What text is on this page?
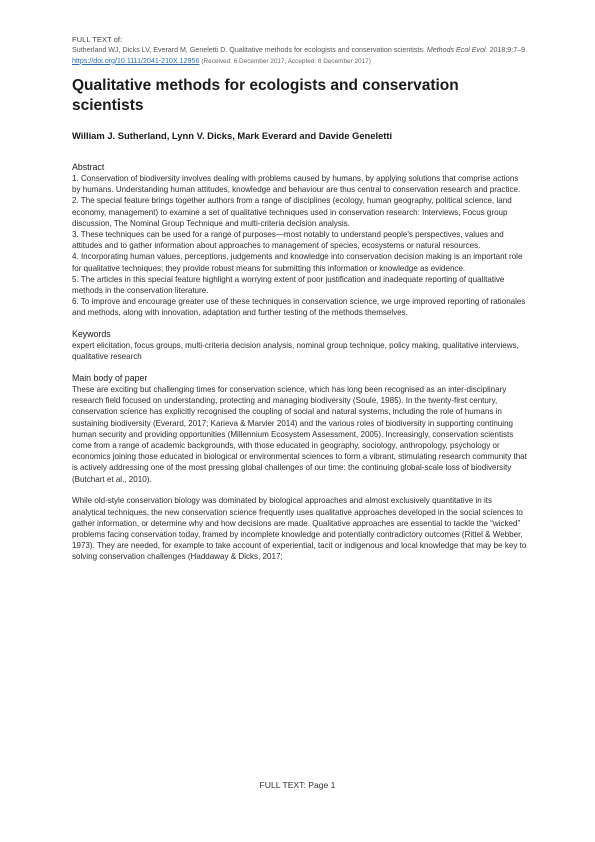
FULL TEXT of:
Sutherland WJ, Dicks LV, Everard M, Geneletti D. Qualitative methods for ecologists and conservation scientists. Methods Ecol Evol. 2018;9:7–9. https://doi.org/10.1111/2041-210X.12956 (Received: 6 December 2017, Accepted: 8 December 2017)
Qualitative methods for ecologists and conservation scientists
William J. Sutherland, Lynn V. Dicks, Mark Everard and Davide Geneletti
Abstract

1. Conservation of biodiversity involves dealing with problems caused by humans, by applying solutions that comprise actions by humans. Understanding human attitudes, knowledge and behaviour are thus central to conservation research and practice.

2. The special feature brings together authors from a range of disciplines (ecology, human geography, political science, land economy, management) to examine a set of qualitative techniques used in conservation research: Interviews, Focus group discussion, The Nominal Group Technique and multi-criteria decision analysis.

3. These techniques can be used for a range of purposes—most notably to understand people's perspectives, values and attitudes and to gather information about approaches to management of species, ecosystems or natural resources.

4. Incorporating human values, perceptions, judgements and knowledge into conservation decision making is an important role for qualitative techniques; they provide robust means for submitting this information or knowledge as evidence.

5. The articles in this special feature highlight a worrying extent of poor justification and inadequate reporting of qualitative methods in the conservation literature.

6. To improve and encourage greater use of these techniques in conservation science, we urge improved reporting of rationales and methods, along with innovation, adaptation and further testing of the methods themselves.

Keywords

expert elicitation, focus groups, multi-criteria decision analysis, nominal group technique, policy making, qualitative interviews, qualitative research

Main body of paper

These are exciting but challenging times for conservation science, which has long been recognised as an inter-disciplinary research field focused on understanding, protecting and managing biodiversity (Soule, 1985). In the twenty-first century, conservation science has explicitly recognised the coupling of social and natural systems, including the role of humans in sustaining biodiversity (Everard, 2017; Karieva & Marvier 2014) and the various roles of biodiversity in supporting continuing human security and providing opportunities (Millennium Ecosystem Assessment, 2005). Increasingly, conservation scientists come from a range of academic backgrounds, with those educated in geography, sociology, anthropology, psychology or economics joining those educated in biological or environmental sciences to form a vibrant, stimulating research community that is actively addressing one of the most pressing global challenges of our time: the continuing global-scale loss of biodiversity (Butchart et al., 2010).

While old-style conservation biology was dominated by biological approaches and almost exclusively quantitative in its analytical techniques, the new conservation science frequently uses qualitative approaches developed in the social sciences to gather information, or determine why and how decisions are made. Qualitative approaches are essential to tackle the “wicked” problems facing conservation today, framed by incomplete knowledge and potentially contradictory outcomes (Rittel & Webber, 1973). They are needed, for example to take account of experiential, tacit or indigenous and local knowledge that may be key to solving conservation challenges (Haddaway & Dicks, 2017;

FULL TEXT: Page 1
